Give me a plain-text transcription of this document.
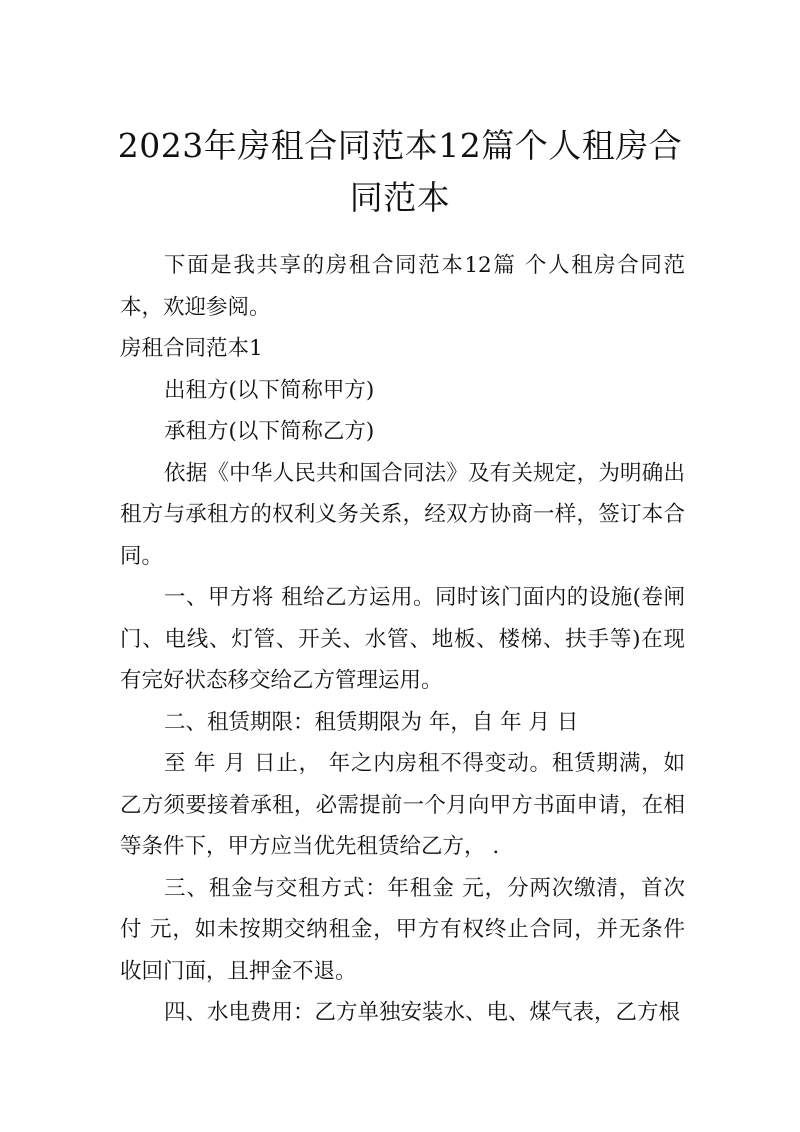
2023年房租合同范本12篇个人租房合同范本

下面是我共享的房租合同范本12篇 个人租房合同范本，欢迎参阅。

房租合同范本1

出租方(以下简称甲方)

承租方(以下简称乙方)

依据《中华人民共和国合同法》及有关规定，为明确出租方与承租方的权利义务关系，经双方协商一样，签订本合同。

一、甲方将 租给乙方运用。同时该门面内的设施(卷闸门、电线、灯管、开关、水管、地板、楼梯、扶手等)在现有完好状态移交给乙方管理运用。

二、租赁期限：租赁期限为 年，自 年 月 日

至 年 月 日止， 年之内房租不得变动。租赁期满，如乙方须要接着承租，必需提前一个月向甲方书面申请，在相等条件下，甲方应当优先租赁给乙方， .

三、租金与交租方式：年租金 元，分两次缴清，首次付 元，如未按期交纳租金，甲方有权终止合同，并无条件收回门面，且押金不退。

四、水电费用：乙方单独安装水、电、煤气表，乙方根
